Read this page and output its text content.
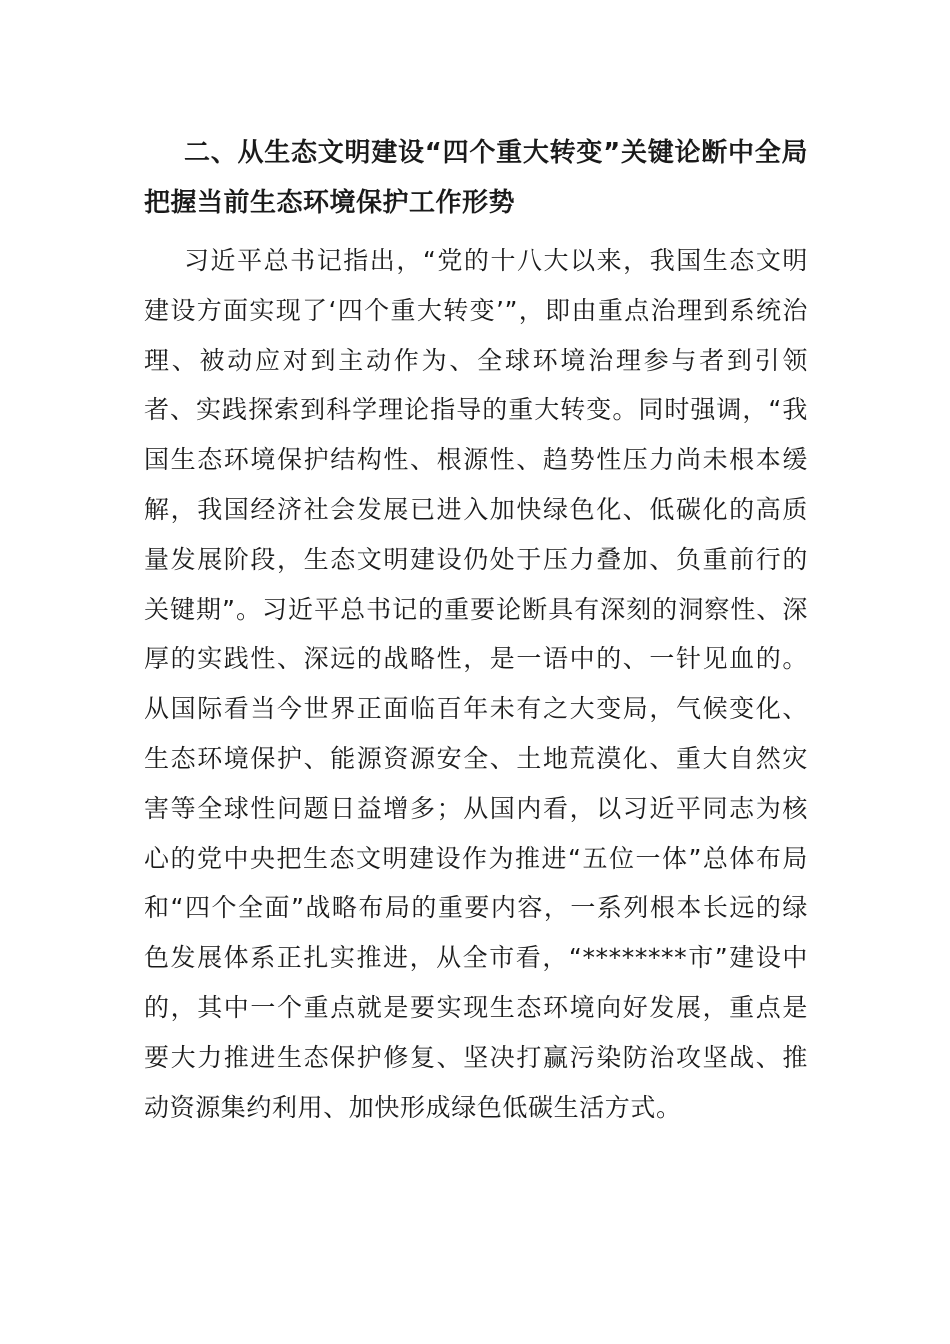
二、从生态文明建设“四个重大转变”关键论断中全局把握当前生态环境保护工作形势

习近平总书记指出，“党的十八大以来，我国生态文明建设方面实现了‘四个重大转变’”，即由重点治理到系统治理、被动应对到主动作为、全球环境治理参与者到引领者、实践探索到科学理论指导的重大转变。同时强调，“我国生态环境保护结构性、根源性、趋势性压力尚未根本缓解，我国经济社会发展已进入加快绿色化、低碳化的高质量发展阶段，生态文明建设仍处于压力叠加、负重前行的关键期”。习近平总书记的重要论断具有深刻的洞察性、深厚的实践性、深远的战略性，是一语中的、一针见血的。从国际看当今世界正面临百年未有之大变局，气候变化、生态环境保护、能源资源安全、土地荒漠化、重大自然灾害等全球性问题日益增多；从国内看，以习近平同志为核心的党中央把生态文明建设作为推进“五位一体”总体布局和“四个全面”战略布局的重要内容，一系列根本长远的绿色发展体系正扎实推进，从全市看，“********市”建设中的，其中一个重点就是要实现生态环境向好发展，重点是要大力推进生态保护修复、坚决打赢污染防治攻坚战、推动资源集约利用、加快形成绿色低碳生活方式。
